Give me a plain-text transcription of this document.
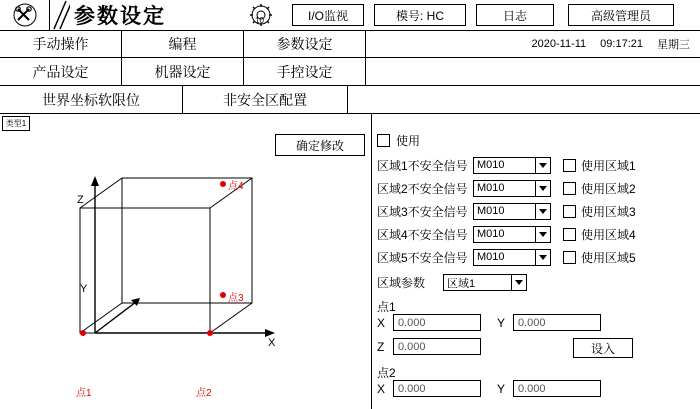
参数设定	10	I/O监视	模号: HC	日志	高级管理员
手动操作	编程	参数设定	2020-11-11 09:17:21 星期三
产品设定	机器设定	手控设定
世界坐标软限位	非安全区配置
类型1
Z
X
Y
点1	点2
点3
点4
确定修改	使用
区域1不安全信号 M010	使用区域1
区域2不安全信号 M010	使用区域2
区域3不安全信号 M010	使用区域3
区域4不安全信号 M010	使用区域4
区域5不安全信号 M010	使用区域5
区域参数	区域1
点1
X	0.000	Y	0.000
Z	0.000	设入
点2
X	0.000	Y	0.000
